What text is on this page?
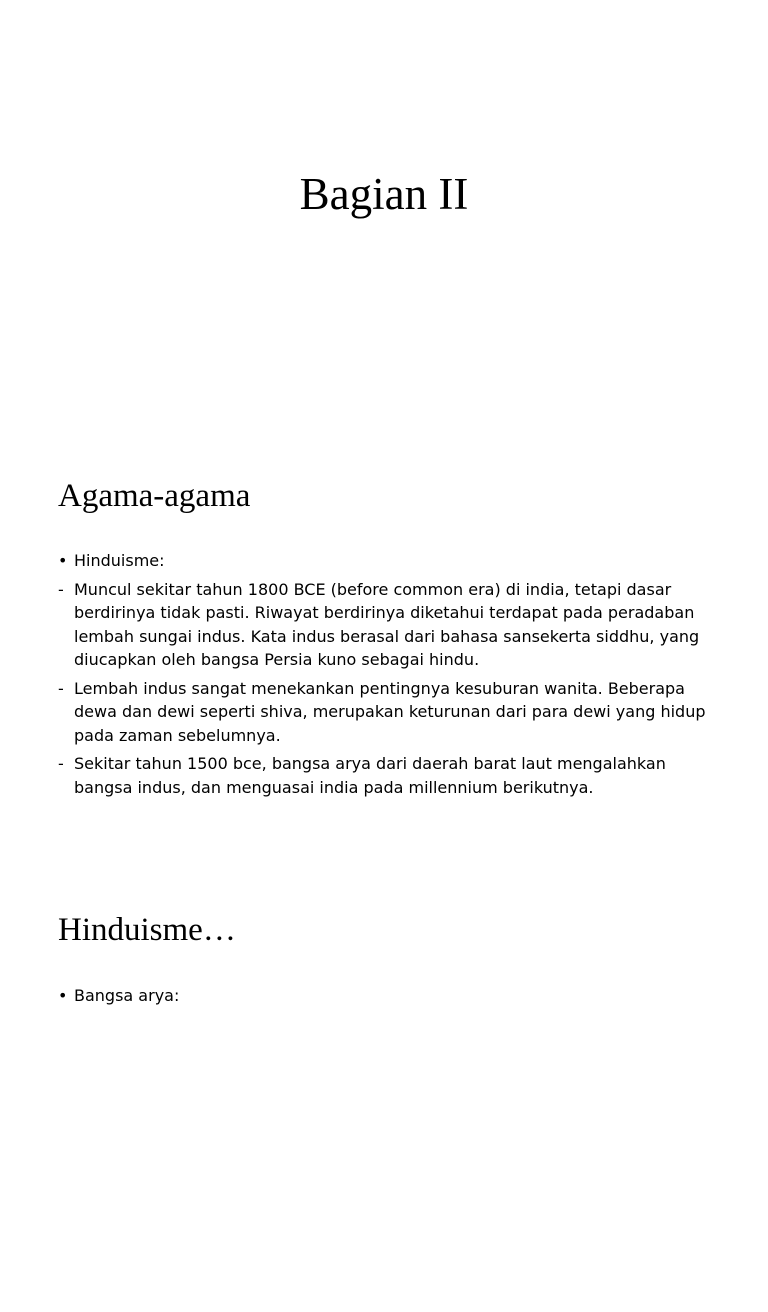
Bagian II
Agama-agama
• Hinduisme:
- Muncul sekitar tahun 1800 BCE (before common era) di india, tetapi dasar berdirinya tidak pasti. Riwayat berdirinya diketahui terdapat pada peradaban lembah sungai indus. Kata indus berasal dari bahasa sansekerta siddhu, yang diucapkan oleh bangsa Persia kuno sebagai hindu.
- Lembah indus sangat menekankan pentingnya kesuburan wanita. Beberapa dewa dan dewi seperti shiva, merupakan keturunan dari para dewi yang hidup pada zaman sebelumnya.
- Sekitar tahun 1500 bce, bangsa arya dari daerah barat laut mengalahkan bangsa indus, dan menguasai india pada millennium berikutnya.
Hinduisme…
• Bangsa arya:
